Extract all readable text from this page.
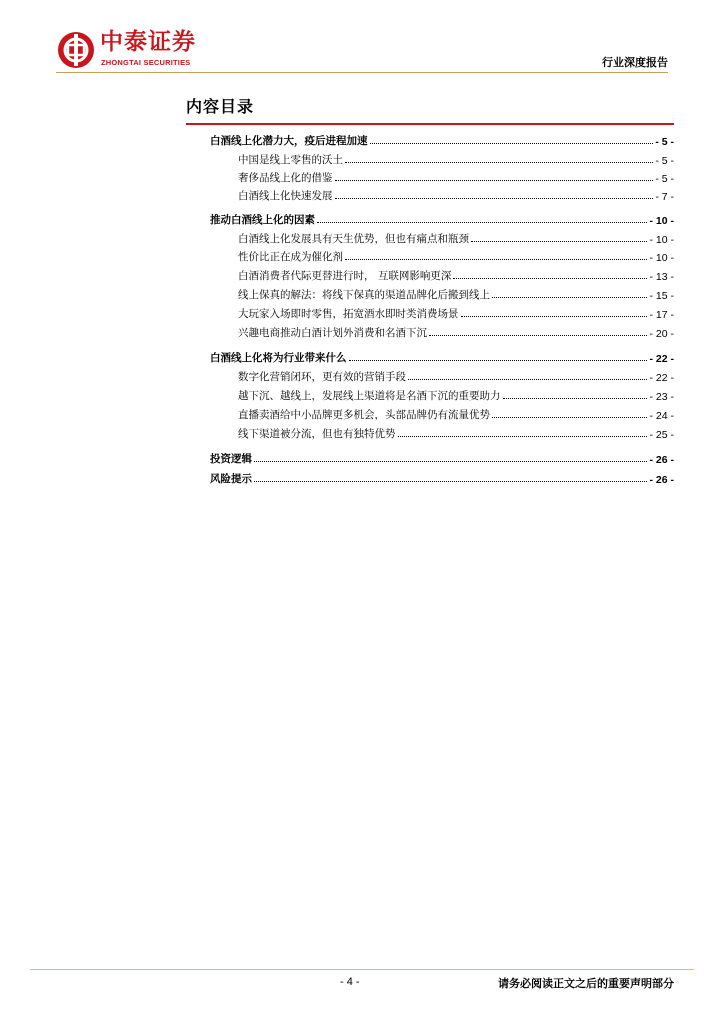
中泰证券
ZHONGTAI SECURITIES	行业深度报告
内容目录
白酒线上化潜力大，疫后进程加速	- 5 -
中国是线上零售的沃土	- 5 -
奢侈品线上化的借鉴	- 5 -
白酒线上化快速发展	- 7 -
推动白酒线上化的因素	- 10 -
白酒线上化发展具有天生优势，但也有痛点和瓶颈	- 10 -
性价比正在成为催化剂	- 10 -
白酒消费者代际更替进行时， 互联网影响更深	- 13 -
线上保真的解法：将线下保真的渠道品牌化后搬到线上	- 15 -
大玩家入场即时零售，拓宽酒水即时类消费场景	- 17 -
兴趣电商推动白酒计划外消费和名酒下沉	- 20 -
白酒线上化将为行业带来什么	- 22 -
数字化营销闭环，更有效的营销手段	- 22 -
越下沉、越线上，发展线上渠道将是名酒下沉的重要助力	- 23 -
直播卖酒给中小品牌更多机会，头部品牌仍有流量优势	- 24 -
线下渠道被分流，但也有独特优势	- 25 -
投资逻辑	- 26 -
风险提示	- 26 -
- 4 -	请务必阅读正文之后的重要声明部分
